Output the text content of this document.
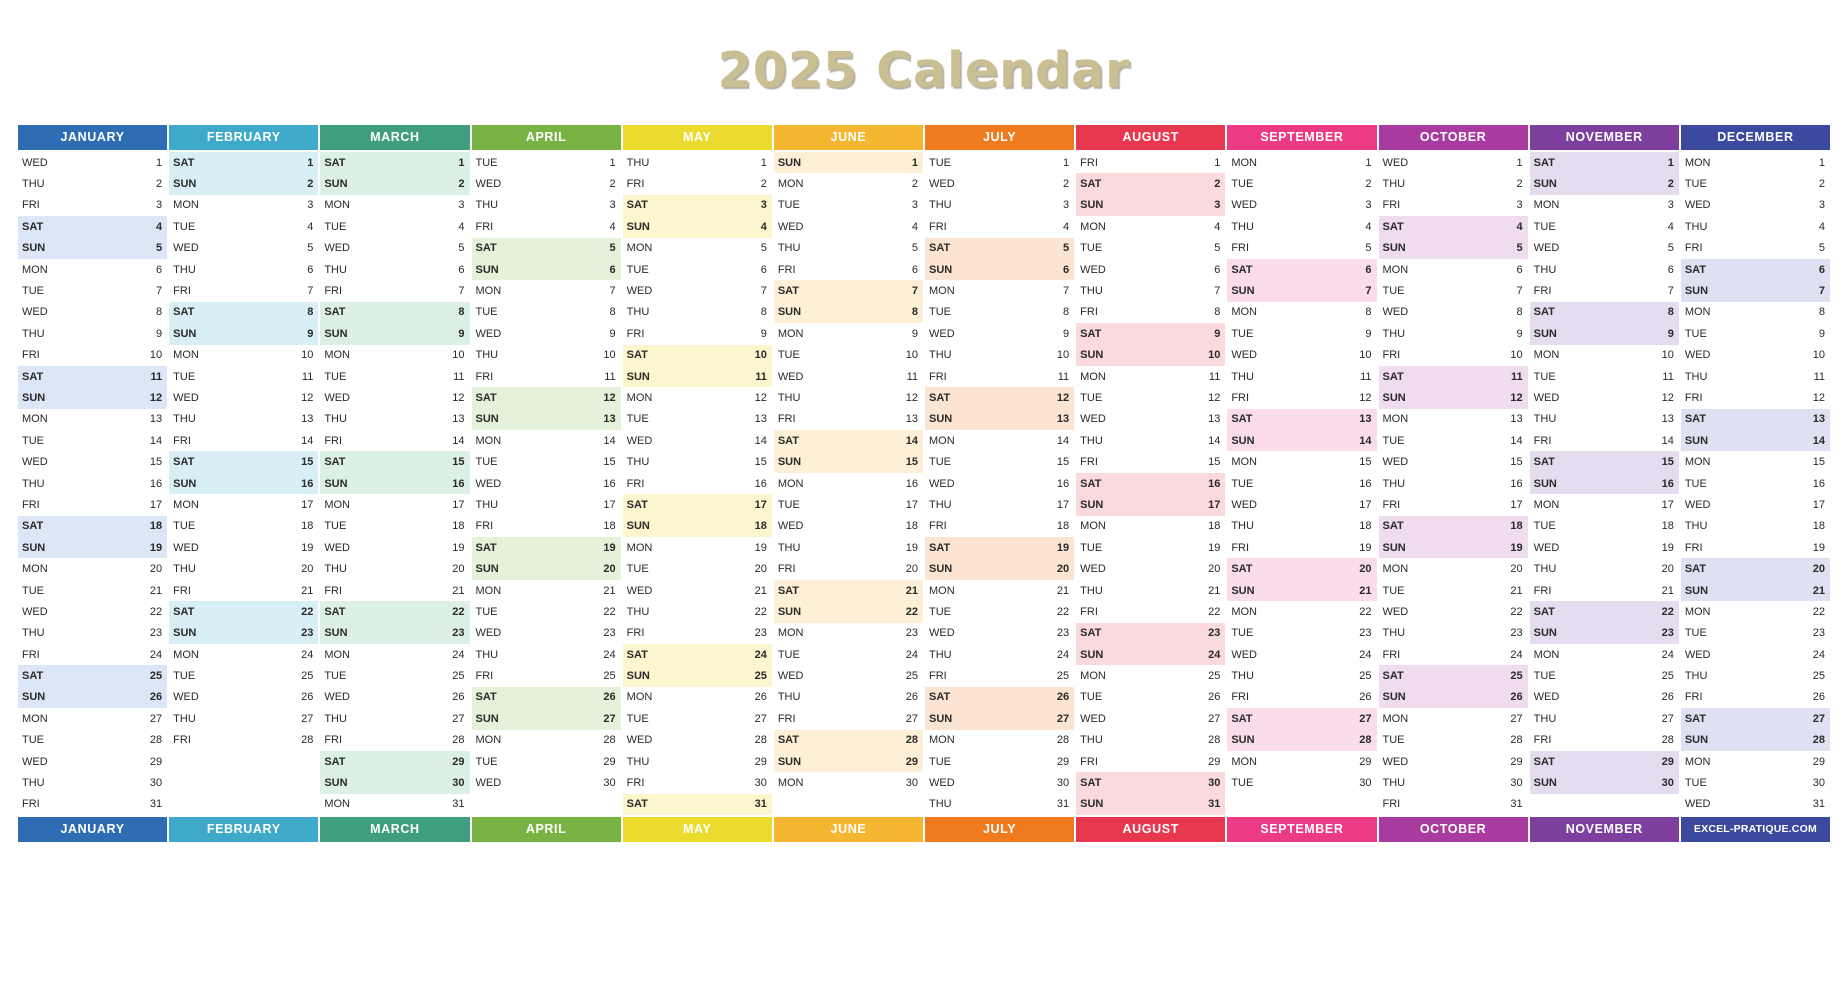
2025 Calendar
JANUARY
WED	1
THU	2
FRI	3
SAT	4
SUN	5
MON	6
TUE	7
WED	8
THU	9
FRI	10
SAT	11
SUN	12
MON	13
TUE	14
WED	15
THU	16
FRI	17
SAT	18
SUN	19
MON	20
TUE	21
WED	22
THU	23
FRI	24
SAT	25
SUN	26
MON	27
TUE	28
WED	29
THU	30
FRI	31
JANUARY
FEBRUARY
SAT	1
SUN	2
MON	3
TUE	4
WED	5
THU	6
FRI	7
SAT	8
SUN	9
MON	10
TUE	11
WED	12
THU	13
FRI	14
SAT	15
SUN	16
MON	17
TUE	18
WED	19
THU	20
FRI	21
SAT	22
SUN	23
MON	24
TUE	25
WED	26
THU	27
FRI	28
FEBRUARY
MARCH
SAT	1
SUN	2
MON	3
TUE	4
WED	5
THU	6
FRI	7
SAT	8
SUN	9
MON	10
TUE	11
WED	12
THU	13
FRI	14
SAT	15
SUN	16
MON	17
TUE	18
WED	19
THU	20
FRI	21
SAT	22
SUN	23
MON	24
TUE	25
WED	26
THU	27
FRI	28
SAT	29
SUN	30
MON	31
MARCH
APRIL
TUE	1
WED	2
THU	3
FRI	4
SAT	5
SUN	6
MON	7
TUE	8
WED	9
THU	10
FRI	11
SAT	12
SUN	13
MON	14
TUE	15
WED	16
THU	17
FRI	18
SAT	19
SUN	20
MON	21
TUE	22
WED	23
THU	24
FRI	25
SAT	26
SUN	27
MON	28
TUE	29
WED	30
APRIL
MAY
THU	1
FRI	2
SAT	3
SUN	4
MON	5
TUE	6
WED	7
THU	8
FRI	9
SAT	10
SUN	11
MON	12
TUE	13
WED	14
THU	15
FRI	16
SAT	17
SUN	18
MON	19
TUE	20
WED	21
THU	22
FRI	23
SAT	24
SUN	25
MON	26
TUE	27
WED	28
THU	29
FRI	30
SAT	31
MAY
JUNE
SUN	1
MON	2
TUE	3
WED	4
THU	5
FRI	6
SAT	7
SUN	8
MON	9
TUE	10
WED	11
THU	12
FRI	13
SAT	14
SUN	15
MON	16
TUE	17
WED	18
THU	19
FRI	20
SAT	21
SUN	22
MON	23
TUE	24
WED	25
THU	26
FRI	27
SAT	28
SUN	29
MON	30
JUNE
JULY
TUE	1
WED	2
THU	3
FRI	4
SAT	5
SUN	6
MON	7
TUE	8
WED	9
THU	10
FRI	11
SAT	12
SUN	13
MON	14
TUE	15
WED	16
THU	17
FRI	18
SAT	19
SUN	20
MON	21
TUE	22
WED	23
THU	24
FRI	25
SAT	26
SUN	27
MON	28
TUE	29
WED	30
THU	31
JULY
AUGUST
FRI	1
SAT	2
SUN	3
MON	4
TUE	5
WED	6
THU	7
FRI	8
SAT	9
SUN	10
MON	11
TUE	12
WED	13
THU	14
FRI	15
SAT	16
SUN	17
MON	18
TUE	19
WED	20
THU	21
FRI	22
SAT	23
SUN	24
MON	25
TUE	26
WED	27
THU	28
FRI	29
SAT	30
SUN	31
AUGUST
SEPTEMBER
MON	1
TUE	2
WED	3
THU	4
FRI	5
SAT	6
SUN	7
MON	8
TUE	9
WED	10
THU	11
FRI	12
SAT	13
SUN	14
MON	15
TUE	16
WED	17
THU	18
FRI	19
SAT	20
SUN	21
MON	22
TUE	23
WED	24
THU	25
FRI	26
SAT	27
SUN	28
MON	29
TUE	30
SEPTEMBER
OCTOBER
WED	1
THU	2
FRI	3
SAT	4
SUN	5
MON	6
TUE	7
WED	8
THU	9
FRI	10
SAT	11
SUN	12
MON	13
TUE	14
WED	15
THU	16
FRI	17
SAT	18
SUN	19
MON	20
TUE	21
WED	22
THU	23
FRI	24
SAT	25
SUN	26
MON	27
TUE	28
WED	29
THU	30
FRI	31
OCTOBER
NOVEMBER
SAT	1
SUN	2
MON	3
TUE	4
WED	5
THU	6
FRI	7
SAT	8
SUN	9
MON	10
TUE	11
WED	12
THU	13
FRI	14
SAT	15
SUN	16
MON	17
TUE	18
WED	19
THU	20
FRI	21
SAT	22
SUN	23
MON	24
TUE	25
WED	26
THU	27
FRI	28
SAT	29
SUN	30
NOVEMBER
DECEMBER
MON	1
TUE	2
WED	3
THU	4
FRI	5
SAT	6
SUN	7
MON	8
TUE	9
WED	10
THU	11
FRI	12
SAT	13
SUN	14
MON	15
TUE	16
WED	17
THU	18
FRI	19
SAT	20
SUN	21
MON	22
TUE	23
WED	24
THU	25
FRI	26
SAT	27
SUN	28
MON	29
TUE	30
WED	31
EXCEL-PRATIQUE.COM
